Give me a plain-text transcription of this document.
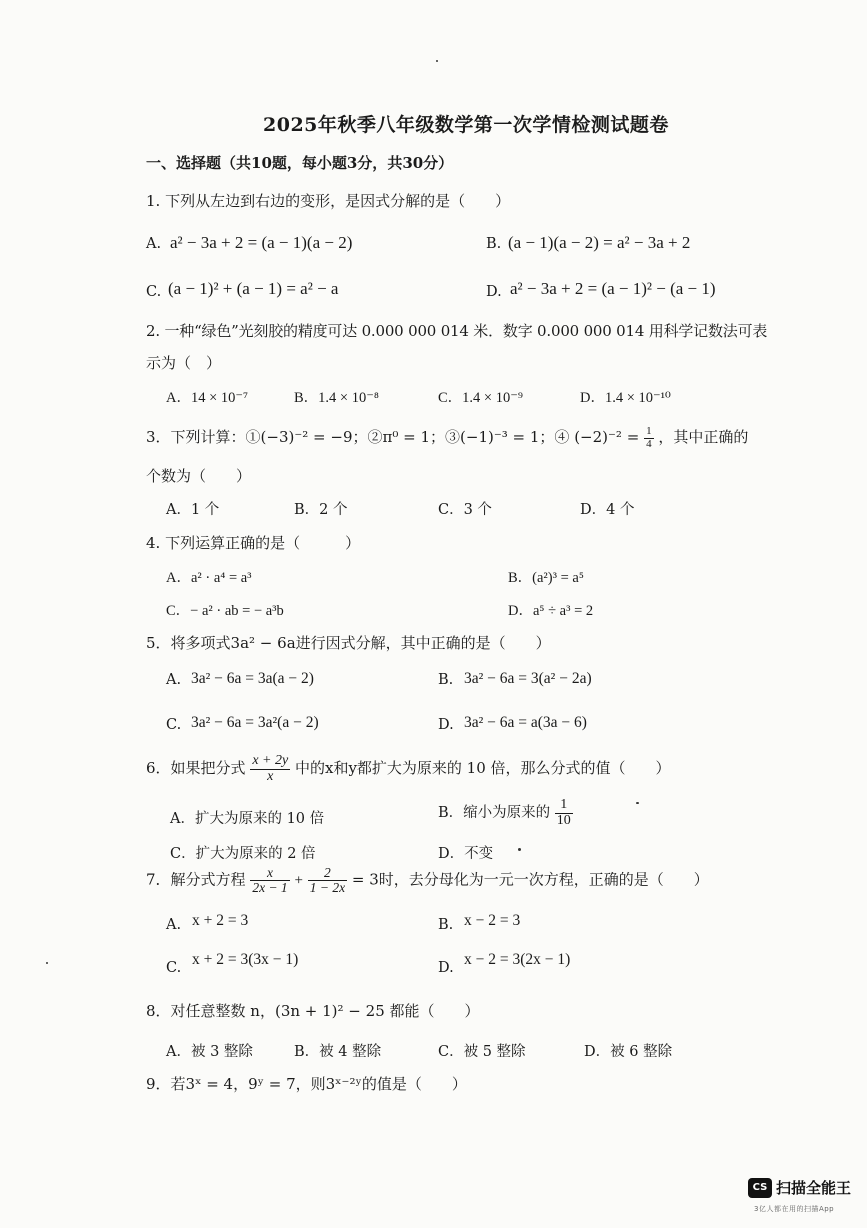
2025年秋季八年级数学第一次学情检测试题卷
一、选择题（共10题，每小题3分，共30分）
1. 下列从左边到右边的变形，是因式分解的是（　　）
A. a² − 3a + 2 = (a − 1)(a − 2)	B. (a − 1)(a − 2) = a² − 3a + 2
C. (a − 1)² + (a − 1) = a² − a	D. a² − 3a + 2 = (a − 1)² − (a − 1)
2. 一种“绿色”光刻胶的精度可达 0.000 000 014 米．数字 0.000 000 014 用科学记数法可表
示为（　）
A．14 × 10⁻⁷	B．1.4 × 10⁻⁸	C．1.4 × 10⁻⁹	D．1.4 × 10⁻¹⁰
3．下列计算：①(−3)⁻² = −9；②π⁰ = 1；③(−1)⁻³ = 1；④ $(-2)^{-2} = \frac{1}{4}$ ，其中正确的
个数为（　　）
A．1 个	B．2 个	C．3 个	D．4 个
4. 下列运算正确的是（　　　）
A．a² · a⁴ = a³	B．(a²)³ = a⁵
C．− a² · ab = − a³b	D．a⁵ ÷ a³ = 2
5．将多项式3a² − 6a进行因式分解，其中正确的是（　　）
A. 3a² − 6a = 3a(a − 2)	B. 3a² − 6a = 3(a² − 2a)
C. 3a² − 6a = 3a²(a − 2)	D. 3a² − 6a = a(3a − 6)
6．如果把分式 $\frac{x + 2y}{x}$ 中的x和y都扩大为原来的 10 倍，那么分式的值（　　）
A．扩大为原来的 10 倍	B．缩小为原来的 $\frac{1}{10}$
C．扩大为原来的 2 倍	D．不变
7．解分式方程 $\frac{x}{2x - 1} + \frac{2}{1 - 2x} = 3$时，去分母化为一元一次方程，正确的是（　　）
A. x + 2 = 3	B. x − 2 = 3
C. x + 2 = 3(3x − 1)	D. x − 2 = 3(2x − 1)
8．对任意整数 n，(3n + 1)² − 25 都能（　　）
A．被 3 整除	B．被 4 整除	C．被 5 整除	D．被 6 整除
9．若3ˣ = 4，9ʸ = 7，则3ˣ⁻²ʸ的值是（　　）
CS 扫描全能王
3亿人都在用的扫描App
